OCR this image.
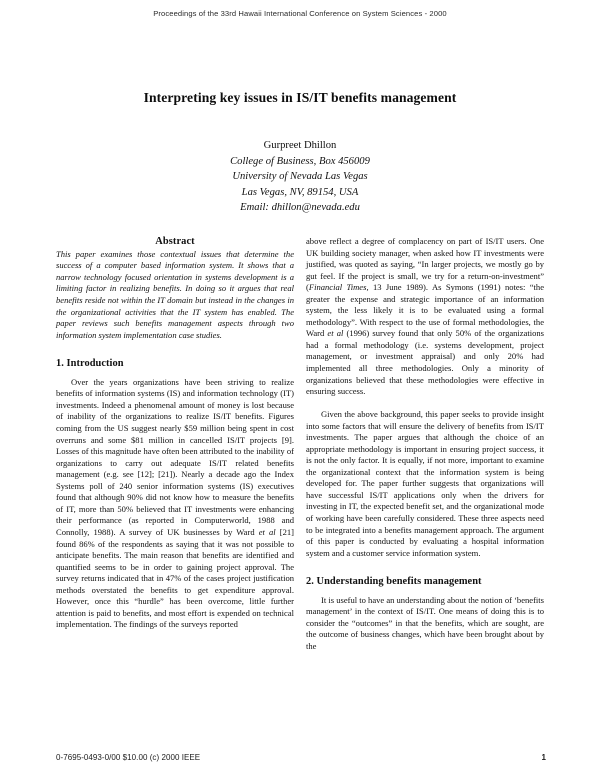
Proceedings of the 33rd Hawaii International Conference on System Sciences - 2000
Interpreting key issues in IS/IT benefits management
Gurpreet Dhillon
College of Business, Box 456009
University of Nevada Las Vegas
Las Vegas, NV, 89154, USA
Email: dhillon@nevada.edu
Abstract

This paper examines those contextual issues that determine the success of a computer based information system. It shows that a narrow technology focused orientation in systems development is a limiting factor in realizing benefits. In doing so it argues that real benefits reside not within the IT domain but instead in the changes in the organizational activities that the IT system has enabled. The paper reviews such benefits management aspects through two information system implementation case studies.

1. Introduction

Over the years organizations have been striving to realize benefits of information systems (IS) and information technology (IT) investments. Indeed a phenomenal amount of money is lost because of inability of the organizations to realize IS/IT benefits. Figures coming from the US suggest nearly $59 million being spent in cost overruns and some $81 million in cancelled IS/IT projects [9]. Losses of this magnitude have often been attributed to the inability of organizations to carry out adequate IS/IT related benefits management (e.g. see [12]; [21]). Nearly a decade ago the Index Systems poll of 240 senior information systems (IS) executives found that although 90% did not know how to measure the benefits of IT, more than 50% believed that IT investments were enhancing their performance (as reported in Computerworld, 1988 and Connolly, 1988). A survey of UK businesses by Ward et al [21] found 86% of the respondents as saying that it was not possible to anticipate benefits. The main reason that benefits are identified and quantified seems to be in order to gaining project approval. The survey returns indicated that in 47% of the cases project justification methods overstated the benefits to get expenditure approval. However, once this “hurdle” has been overcome, little further attention is paid to benefits, and most effort is expended on technical implementation. The findings of the surveys reported

above reflect a degree of complacency on part of IS/IT users. One UK building society manager, when asked how IT investments were justified, was quoted as saying, “In larger projects, we mostly go by gut feel. If the project is small, we try for a return-on-investment” (Financial Times, 13 June 1989). As Symons (1991) notes: “the greater the expense and strategic importance of an information system, the less likely it is to be evaluated using a formal methodology”. With respect to the use of formal methodologies, the Ward et al (1996) survey found that only 50% of the organizations had a formal methodology (i.e. systems development, project management, or investment appraisal) and only 20% had implemented all three methodologies. Only a minority of organizations believed that these methodologies were effective in ensuring success.

Given the above background, this paper seeks to provide insight into some factors that will ensure the delivery of benefits from IS/IT investments. The paper argues that although the choice of an appropriate methodology is important in ensuring project success, it is not the only factor. It is equally, if not more, important to examine the organizational context that the information system is being developed for. The paper further suggests that organizations will have successful IS/IT applications only when the drivers for investing in IT, the expected benefit set, and the organizational mode of working have been carefully considered. These three aspects need to be integrated into a benefits management approach. The argument of this paper is conducted by evaluating a hospital information system and a customer service information system.

2. Understanding benefits management

It is useful to have an understanding about the notion of ‘benefits management’ in the context of IS/IT. One means of doing this is to consider the “outcomes” in that the benefits, which are sought, are the outcome of business changes, which have been brought about by the

0-7695-0493-0/00 $10.00 (c) 2000 IEEE	1
